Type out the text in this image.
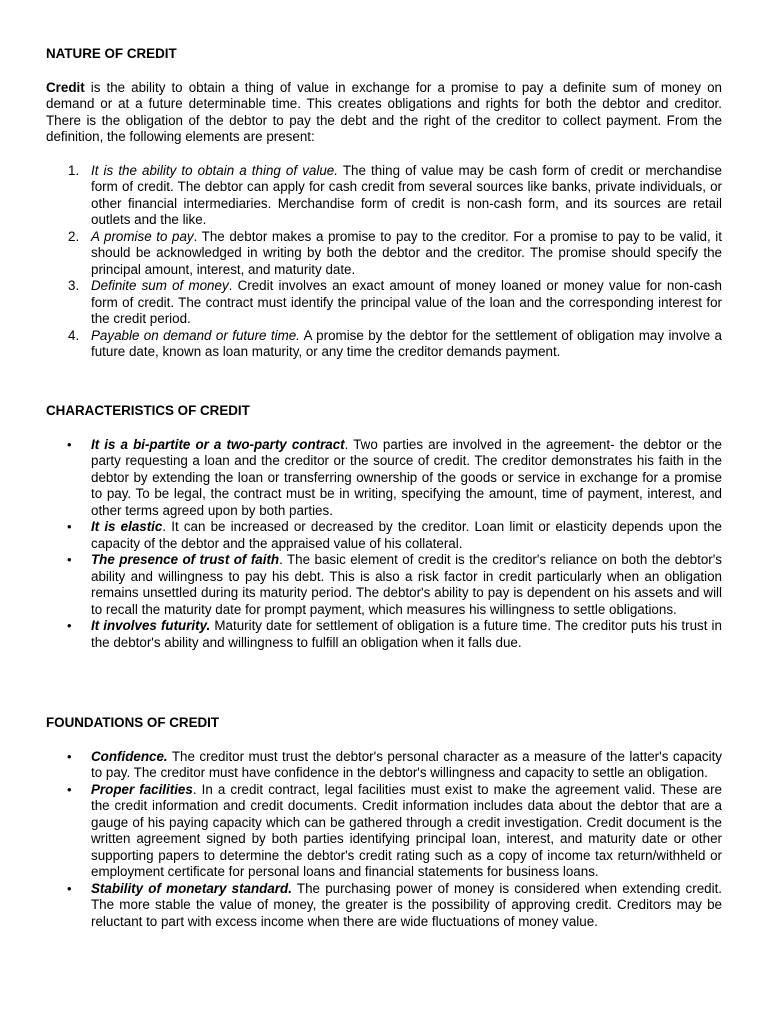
NATURE OF CREDIT

Credit is the ability to obtain a thing of value in exchange for a promise to pay a definite sum of money on demand or at a future determinable time. This creates obligations and rights for both the debtor and creditor. There is the obligation of the debtor to pay the debt and the right of the creditor to collect payment. From the definition, the following elements are present:

1. It is the ability to obtain a thing of value. The thing of value may be cash form of credit or merchandise form of credit. The debtor can apply for cash credit from several sources like banks, private individuals, or other financial intermediaries. Merchandise form of credit is non-cash form, and its sources are retail outlets and the like.
2. A promise to pay. The debtor makes a promise to pay to the creditor. For a promise to pay to be valid, it should be acknowledged in writing by both the debtor and the creditor. The promise should specify the principal amount, interest, and maturity date.
3. Definite sum of money. Credit involves an exact amount of money loaned or money value for non-cash form of credit. The contract must identify the principal value of the loan and the corresponding interest for the credit period.
4. Payable on demand or future time. A promise by the debtor for the settlement of obligation may involve a future date, known as loan maturity, or any time the creditor demands payment.
CHARACTERISTICS OF CREDIT
• It is a bi-partite or a two-party contract. Two parties are involved in the agreement- the debtor or the party requesting a loan and the creditor or the source of credit. The creditor demonstrates his faith in the debtor by extending the loan or transferring ownership of the goods or service in exchange for a promise to pay. To be legal, the contract must be in writing, specifying the amount, time of payment, interest, and other terms agreed upon by both parties.
• It is elastic. It can be increased or decreased by the creditor. Loan limit or elasticity depends upon the capacity of the debtor and the appraised value of his collateral.
• The presence of trust of faith. The basic element of credit is the creditor's reliance on both the debtor's ability and willingness to pay his debt. This is also a risk factor in credit particularly when an obligation remains unsettled during its maturity period. The debtor's ability to pay is dependent on his assets and will to recall the maturity date for prompt payment, which measures his willingness to settle obligations.
• It involves futurity. Maturity date for settlement of obligation is a future time. The creditor puts his trust in the debtor's ability and willingness to fulfill an obligation when it falls due.
FOUNDATIONS OF CREDIT
• Confidence. The creditor must trust the debtor's personal character as a measure of the latter's capacity to pay. The creditor must have confidence in the debtor's willingness and capacity to settle an obligation.
• Proper facilities. In a credit contract, legal facilities must exist to make the agreement valid. These are the credit information and credit documents. Credit information includes data about the debtor that are a gauge of his paying capacity which can be gathered through a credit investigation. Credit document is the written agreement signed by both parties identifying principal loan, interest, and maturity date or other supporting papers to determine the debtor's credit rating such as a copy of income tax return/withheld or employment certificate for personal loans and financial statements for business loans.
• Stability of monetary standard. The purchasing power of money is considered when extending credit. The more stable the value of money, the greater is the possibility of approving credit. Creditors may be reluctant to part with excess income when there are wide fluctuations of money value.
